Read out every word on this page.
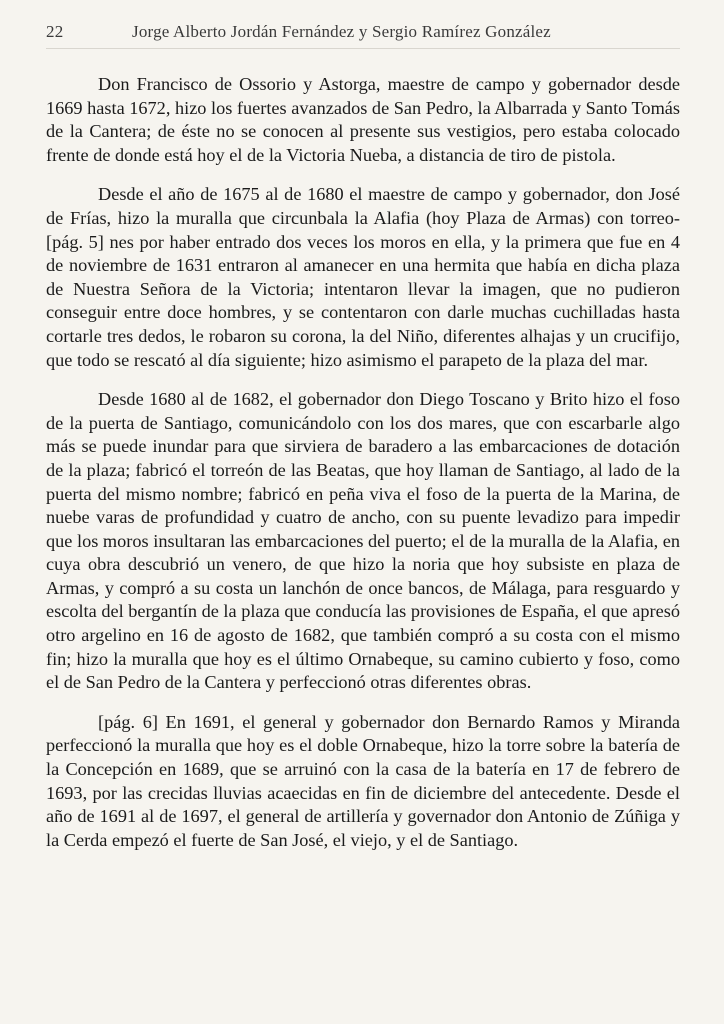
22	Jorge Alberto Jordán Fernández y Sergio Ramírez González

Don Francisco de Ossorio y Astorga, maestre de campo y gobernador desde 1669 hasta 1672, hizo los fuertes avanzados de San Pedro, la Albarrada y Santo Tomás de la Cantera; de éste no se conocen al presente sus vestigios, pero estaba colocado frente de donde está hoy el de la Victoria Nueba, a distancia de tiro de pistola.

Desde el año de 1675 al de 1680 el maestre de campo y gobernador, don José de Frías, hizo la muralla que circunbala la Alafia (hoy Plaza de Armas) con torreo- [pág. 5] nes por haber entrado dos veces los moros en ella, y la primera que fue en 4 de noviembre de 1631 entraron al amanecer en una hermita que había en dicha plaza de Nuestra Señora de la Victoria; intentaron llevar la imagen, que no pudieron conseguir entre doce hombres, y se contentaron con darle muchas cuchilladas hasta cortarle tres dedos, le robaron su corona, la del Niño, diferentes alhajas y un crucifijo, que todo se rescató al día siguiente; hizo asimismo el parapeto de la plaza del mar.

Desde 1680 al de 1682, el gobernador don Diego Toscano y Brito hizo el foso de la puerta de Santiago, comunicándolo con los dos mares, que con escarbarle algo más se puede inundar para que sirviera de baradero a las embarcaciones de dotación de la plaza; fabricó el torreón de las Beatas, que hoy llaman de Santiago, al lado de la puerta del mismo nombre; fabricó en peña viva el foso de la puerta de la Marina, de nuebe varas de profundidad y cuatro de ancho, con su puente levadizo para impedir que los moros insultaran las embarcaciones del puerto; el de la muralla de la Alafia, en cuya obra descubrió un venero, de que hizo la noria que hoy subsiste en plaza de Armas, y compró a su costa un lanchón de once bancos, de Málaga, para resguardo y escolta del bergantín de la plaza que conducía las provisiones de España, el que apresó otro argelino en 16 de agosto de 1682, que también compró a su costa con el mismo fin; hizo la muralla que hoy es el último Ornabeque, su camino cubierto y foso, como el de San Pedro de la Cantera y perfeccionó otras diferentes obras.

[pág. 6] En 1691, el general y gobernador don Bernardo Ramos y Miranda perfeccionó la muralla que hoy es el doble Ornabeque, hizo la torre sobre la batería de la Concepción en 1689, que se arruinó con la casa de la batería en 17 de febrero de 1693, por las crecidas lluvias acaecidas en fin de diciembre del antecedente. Desde el año de 1691 al de 1697, el general de artillería y governador don Antonio de Zúñiga y la Cerda empezó el fuerte de San José, el viejo, y el de Santiago.
